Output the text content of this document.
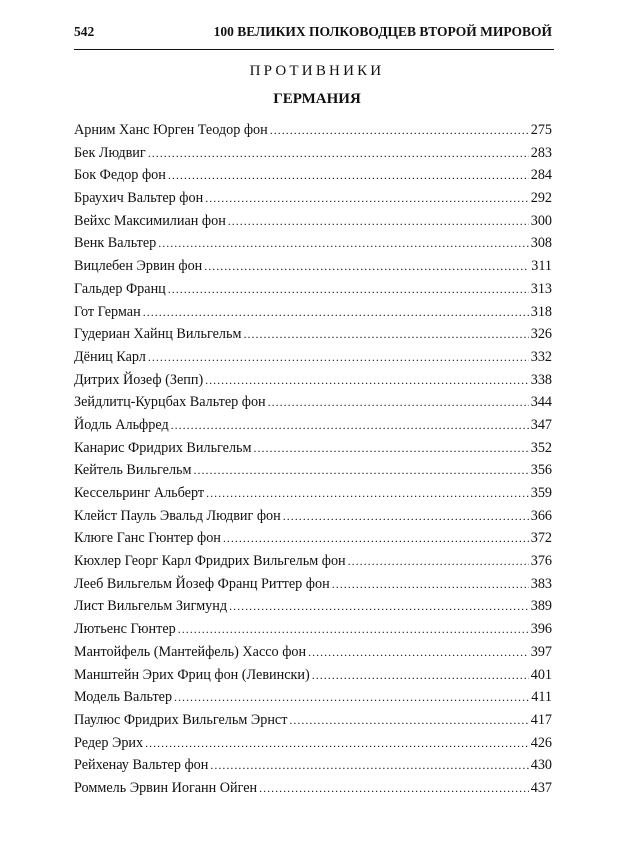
542	100 ВЕЛИКИХ ПОЛКОВОДЦЕВ ВТОРОЙ МИРОВОЙ
ПРОТИВНИКИ
ГЕРМАНИЯ
Арним Ханс Юрген Теодор фон .....	275
Бек Людвиг .....	283
Бок Федор фон .....	284
Браухич Вальтер фон .....	292
Вейхс Максимилиан фон .....	300
Венк Вальтер .....	308
Вицлебен Эрвин фон .....	311
Гальдер Франц .....	313
Гот Герман .....	318
Гудериан Хайнц Вильгельм .....	326
Дёниц Карл .....	332
Дитрих Йозеф (Зепп) .....	338
Зейдлитц-Курцбах Вальтер фон .....	344
Йодль Альфред .....	347
Канарис Фридрих Вильгельм .....	352
Кейтель Вильгельм .....	356
Кессельринг Альберт .....	359
Клейст Пауль Эвальд Людвиг фон .....	366
Клюге Ганс Гюнтер фон .....	372
Кюхлер Георг Карл Фридрих Вильгельм фон .....	376
Лееб Вильгельм Йозеф Франц Риттер фон .....	383
Лист Вильгельм Зигмунд .....	389
Лютьенс Гюнтер .....	396
Мантойфель (Мантейфель) Хассо фон .....	397
Манштейн Эрих Фриц фон (Левински) .....	401
Модель Вальтер .....	411
Паулюс Фридрих Вильгельм Эрнст .....	417
Редер Эрих .....	426
Рейхенау Вальтер фон .....	430
Роммель Эрвин Иоганн Ойген .....	437
